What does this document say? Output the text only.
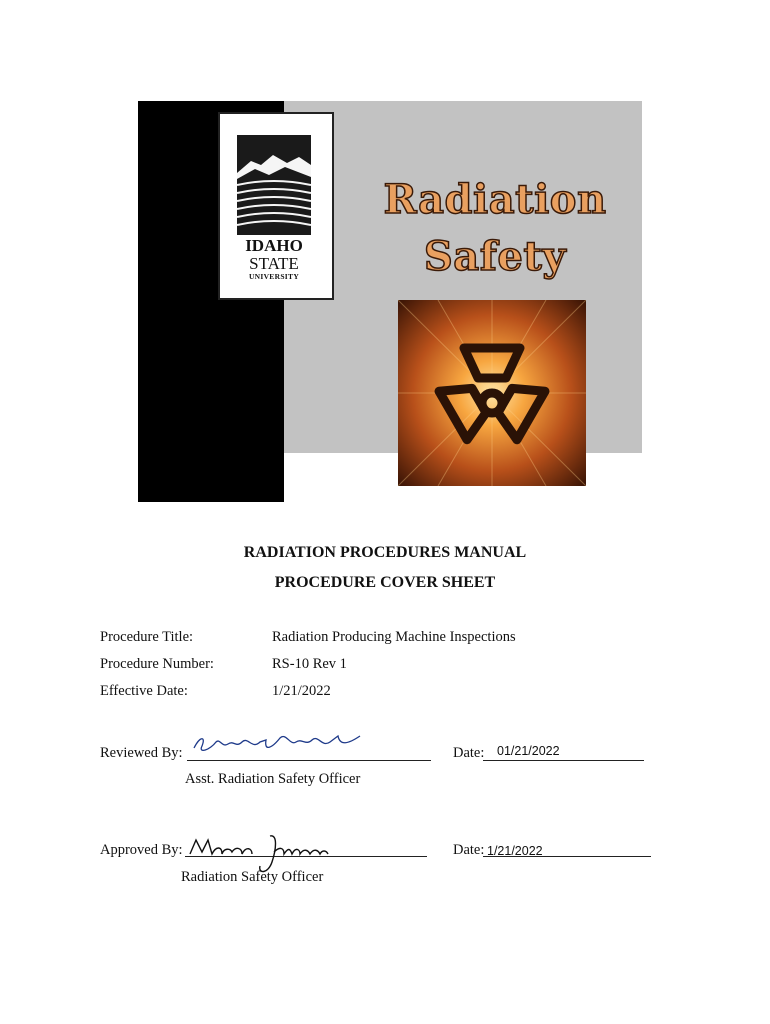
IDAHO
STATE
UNIVERSITY
Radiation
Safety
RADIATION PROCEDURES MANUAL
PROCEDURE COVER SHEET
Procedure Title:	Radiation Producing Machine Inspections
Procedure Number:	RS-10 Rev 1
Effective Date:	1/21/2022
Reviewed By:	Date: 01/21/2022
Asst. Radiation Safety Officer
Approved By:	Date: 1/21/2022
Radiation Safety Officer
